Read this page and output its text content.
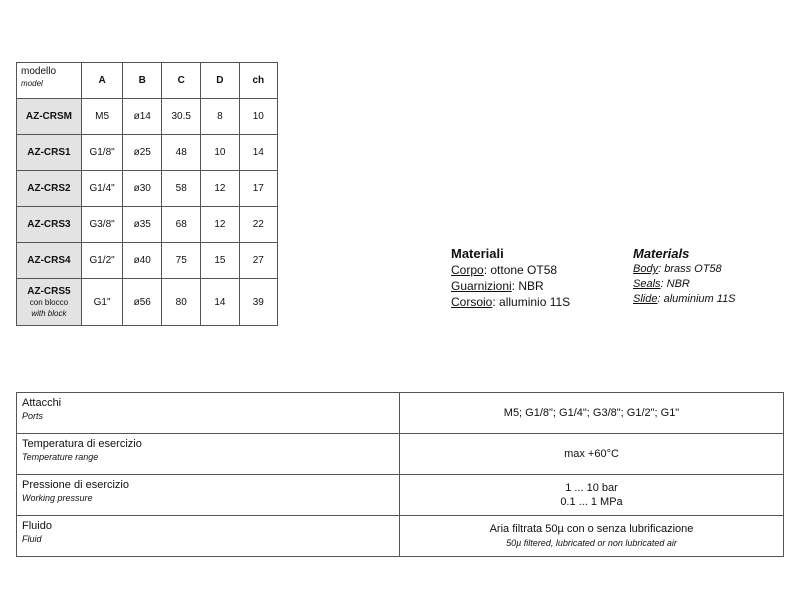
modello
model	A	B	C	D	ch
AZ-CRSM	M5	ø14	30.5	8	10
AZ-CRS1	G1/8"	ø25	48	10	14
AZ-CRS2	G1/4"	ø30	58	12	17
AZ-CRS3	G3/8"	ø35	68	12	22
AZ-CRS4	G1/2"	ø40	75	15	27
AZ-CRS5
con blocco
with block	G1"	ø56	80	14	39
Materiali
Corpo: ottone OT58
Guarnizioni: NBR
Corsoio: alluminio 11S
Materials
Body: brass OT58
Seals: NBR
Slide: aluminium 11S
Attacchi
Ports	M5; G1/8"; G1/4"; G3/8"; G1/2"; G1"
Temperatura di esercizio
Temperature range	max +60°C
Pressione di esercizio
Working pressure	1 ... 10 bar
0.1 ... 1 MPa
Fluido
Fluid	Aria filtrata 50µ con o senza lubrificazione
50µ filtered, lubricated or non lubricated air
